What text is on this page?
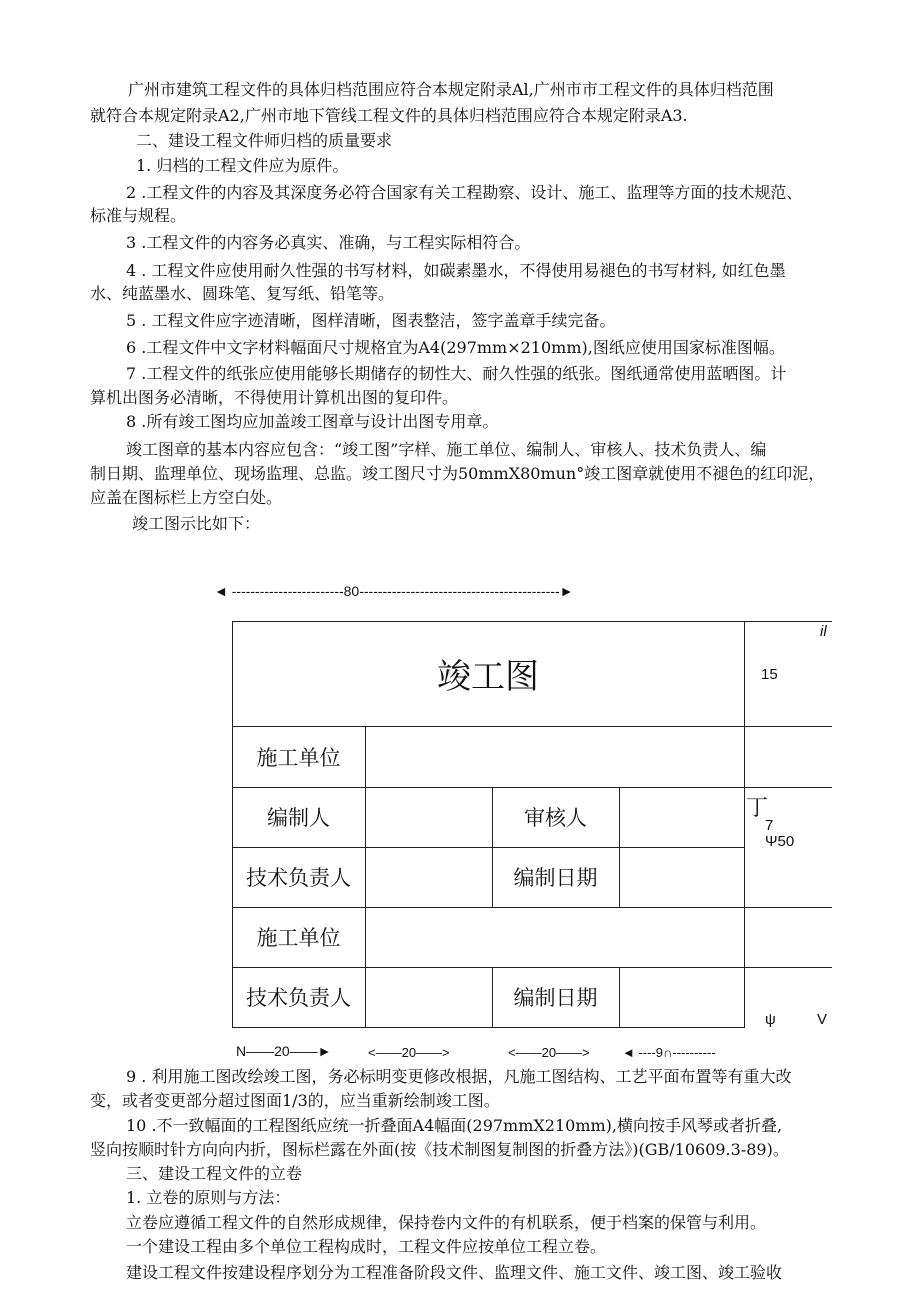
广州市建筑工程文件的具体归档范围应符合本规定附录Al,广州市市工程文件的具体归档范围
就符合本规定附录A2,广州市地下管线工程文件的具体归档范围应符合本规定附录A3.
二、建设工程文件师归档的质量要求
1. 归档的工程文件应为原件。
2 .工程文件的内容及其深度务必符合国家有关工程勘察、设计、施工、监理等方面的技术规范、
标准与规程。
3 .工程文件的内容务必真实、准确，与工程实际相符合。
4 . 工程文件应使用耐久性强的书写材料，如碳素墨水，不得使用易褪色的书写材料, 如红色墨
水、纯蓝墨水、圆珠笔、复写纸、铅笔等。
5 . 工程文件应字迹清晰，图样清晰，图表整洁，签字盖章手续完备。
6 .工程文件中文字材料幅面尺寸规格宜为A4(297mm×210mm),图纸应使用国家标准图幅。
7 .工程文件的纸张应使用能够长期储存的韧性大、耐久性强的纸张。图纸通常使用蓝晒图。计
算机出图务必清晰，不得使用计算机出图的复印件。
8 .所有竣工图均应加盖竣工图章与设计出图专用章。
竣工图章的基本内容应包含：“竣工图”字样、施工单位、编制人、审核人、技术负责人、编
制日期、监理单位、现场监理、总监。竣工图尺寸为50mmX80mun°竣工图章就使用不褪色的红印泥，
应盖在图标栏上方空白处。
竣工图示比如下：
◄ ------------------------80-------------------------------------------►
竣工图
施工单位
编制人	审核人
技术负责人	编制日期
施工单位
技术负责人	编制日期
il
15
丁
7
Ψ50
ψ	V
N——20——►	<——20——>	<——20——> ◄ ----9∩----------
9 . 利用施工图改绘竣工图，务必标明变更修改根据，凡施工图结构、工艺平面布置等有重大改
变，或者变更部分超过图面1/3的，应当重新绘制竣工图。
10 .不一致幅面的工程图纸应统一折叠面A4幅面(297mmX210mm),横向按手风琴或者折叠,
竖向按顺时针方向向内折，图标栏露在外面(按《技术制图复制图的折叠方法》)(GB/10609.3-89)。
三、建设工程文件的立卷
1. 立卷的原则与方法：
立卷应遵循工程文件的自然形成规律，保持卷内文件的有机联系，便于档案的保管与利用。
一个建设工程由多个单位工程构成时，工程文件应按单位工程立卷。
建设工程文件按建设程序划分为工程准备阶段文件、监理文件、施工文件、竣工图、竣工验收
